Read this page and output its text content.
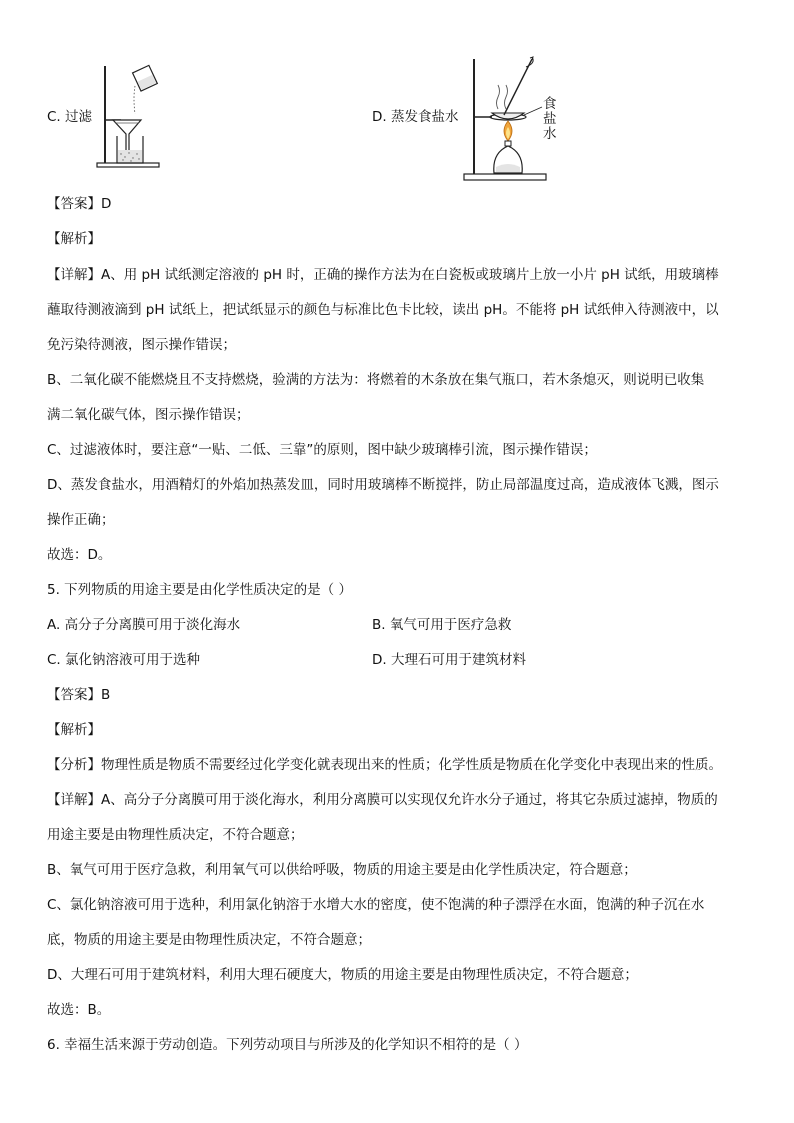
C. 过滤	D. 蒸发食盐水
食
盐
水
【答案】D
【解析】
【详解】A、用 pH 试纸测定溶液的 pH 时，正确的操作方法为在白瓷板或玻璃片上放一小片 pH 试纸，用玻璃棒
蘸取待测液滴到 pH 试纸上，把试纸显示的颜色与标准比色卡比较，读出 pH。不能将 pH 试纸伸入待测液中，以
免污染待测液，图示操作错误；
B、二氧化碳不能燃烧且不支持燃烧，验满的方法为：将燃着的木条放在集气瓶口，若木条熄灭，则说明已收集
满二氧化碳气体，图示操作错误；
C、过滤液体时，要注意“一贴、二低、三靠”的原则，图中缺少玻璃棒引流，图示操作错误；
D、蒸发食盐水，用酒精灯的外焰加热蒸发皿，同时用玻璃棒不断搅拌，防止局部温度过高，造成液体飞溅，图示
操作正确；
故选：D。
5. 下列物质的用途主要是由化学性质决定的是（ ）
A. 高分子分离膜可用于淡化海水	B. 氧气可用于医疗急救
C. 氯化钠溶液可用于选种	D. 大理石可用于建筑材料
【答案】B
【解析】
【分析】物理性质是物质不需要经过化学变化就表现出来的性质；化学性质是物质在化学变化中表现出来的性质。
【详解】A、高分子分离膜可用于淡化海水，利用分离膜可以实现仅允许水分子通过，将其它杂质过滤掉，物质的
用途主要是由物理性质决定，不符合题意；
B、氧气可用于医疗急救，利用氧气可以供给呼吸，物质的用途主要是由化学性质决定，符合题意；
C、氯化钠溶液可用于选种，利用氯化钠溶于水增大水的密度，使不饱满的种子漂浮在水面，饱满的种子沉在水
底，物质的用途主要是由物理性质决定，不符合题意；
D、大理石可用于建筑材料，利用大理石硬度大，物质的用途主要是由物理性质决定，不符合题意；
故选：B。
6. 幸福生活来源于劳动创造。下列劳动项目与所涉及的化学知识不相符的是（ ）
